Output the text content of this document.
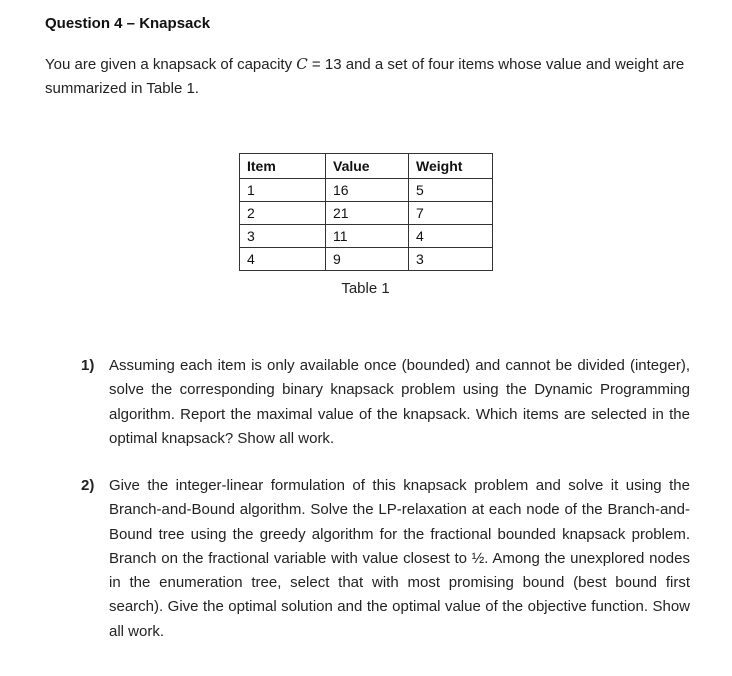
Question 4 – Knapsack
You are given a knapsack of capacity C = 13 and a set of four items whose value and weight are summarized in Table 1.
Item	Value	Weight
1	16	5
2	21	7
3	11	4
4	9	3
Table 1
1) Assuming each item is only available once (bounded) and cannot be divided (integer), solve the corresponding binary knapsack problem using the Dynamic Programming algorithm. Report the maximal value of the knapsack. Which items are selected in the optimal knapsack? Show all work.
2) Give the integer-linear formulation of this knapsack problem and solve it using the Branch-and-Bound algorithm. Solve the LP-relaxation at each node of the Branch-and-Bound tree using the greedy algorithm for the fractional bounded knapsack problem. Branch on the fractional variable with value closest to ½. Among the unexplored nodes in the enumeration tree, select that with most promising bound (best bound first search). Give the optimal solution and the optimal value of the objective function. Show all work.
